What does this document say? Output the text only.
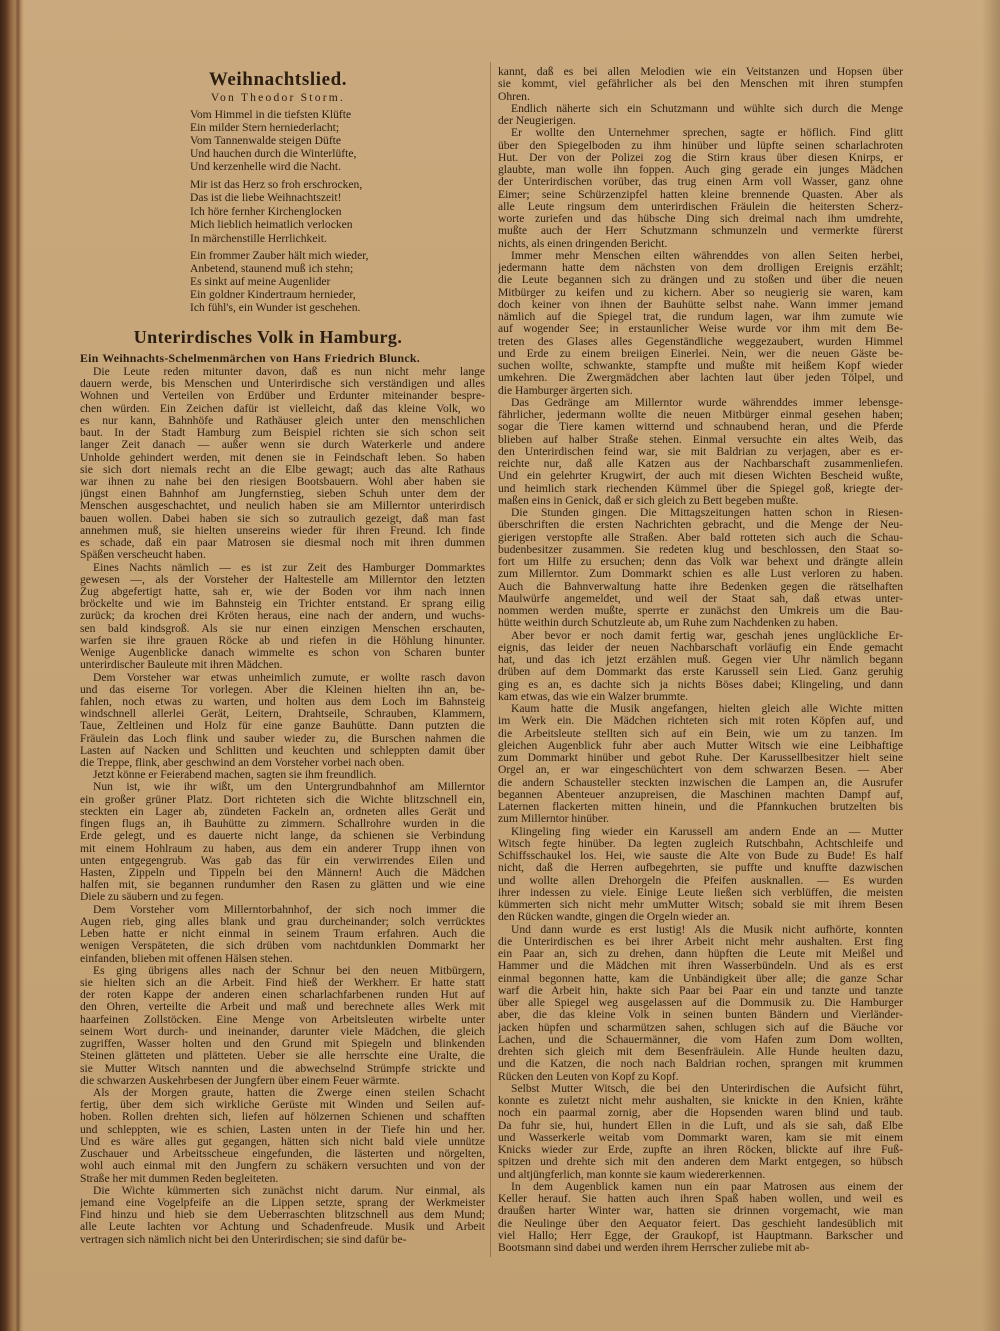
Weihnachtslied.
Von Theodor Storm.
Unterirdisches Volk in Hamburg.
Ein Weihnachts-Schelmenmärchen von Hans Friedrich Blunck.
Vom Himmel in die tiefsten Klüfte
Ein milder Stern herniederlacht;
Vom Tannenwalde steigen Düfte
Und hauchen durch die Winterlüfte,
Und kerzenhelle wird die Nacht.
Mir ist das Herz so froh erschrocken,
Das ist die liebe Weihnachtszeit!
Ich höre fernher Kirchenglocken
Mich lieblich heimatlich verlocken
In märchenstille Herrlichkeit.
Ein frommer Zauber hält mich wieder,
Anbetend, staunend muß ich stehn;
Es sinkt auf meine Augenlider
Ein goldner Kindertraum hernieder,
Ich fühl's, ein Wunder ist geschehen.
Die Leute reden mitunter davon, daß es nun nicht mehr lange
dauern werde, bis Menschen und Unterirdische sich verständigen und alles
Wohnen und Verteilen von Erdüber und Erdunter miteinander bespre-
chen würden. Ein Zeichen dafür ist vielleicht, daß das kleine Volk, wo
es nur kann, Bahnhöfe und Rathäuser gleich unter den menschlichen
baut. In der Stadt Hamburg zum Beispiel richten sie sich schon seit
langer Zeit danach — außer wenn sie durch Waterkerle und andere
Unholde gehindert werden, mit denen sie in Feindschaft leben. So haben
sie sich dort niemals recht an die Elbe gewagt; auch das alte Rathaus
war ihnen zu nahe bei den riesigen Bootsbauern. Wohl aber haben sie
jüngst einen Bahnhof am Jungfernstieg, sieben Schuh unter dem der
Menschen ausgeschachtet, und neulich haben sie am Millerntor unterirdisch
bauen wollen. Dabei haben sie sich so zutraulich gezeigt, daß man fast
annehmen muß, sie hielten unsereins wieder für ihren Freund. Ich finde
es schade, daß ein paar Matrosen sie diesmal noch mit ihren dummen
Späßen verscheucht haben.
Eines Nachts nämlich — es ist zur Zeit des Hamburger Dommarktes
gewesen —, als der Vorsteher der Haltestelle am Millerntor den letzten
Zug abgefertigt hatte, sah er, wie der Boden vor ihm nach innen
bröckelte und wie im Bahnsteig ein Trichter entstand. Er sprang eilig
zurück; da krochen drei Kröten heraus, eine nach der andern, und wuchs-
sen bald kindsgroß. Als sie nur einen einzigen Menschen erschauten,
warfen sie ihre grauen Röcke ab und riefen in die Höhlung hinunter.
Wenige Augenblicke danach wimmelte es schon von Scharen bunter
unterirdischer Bauleute mit ihren Mädchen.
Dem Vorsteher war etwas unheimlich zumute, er wollte rasch davon
und das eiserne Tor vorlegen. Aber die Kleinen hielten ihn an, be-
fahlen, noch etwas zu warten, und holten aus dem Loch im Bahnsteig
windschnell allerlei Gerät, Leitern, Drahtseile, Schrauben, Klammern,
Taue, Zeltleinen und Holz für eine ganze Bauhütte. Dann putzten die
Fräulein das Loch flink und sauber wieder zu, die Burschen nahmen die
Lasten auf Nacken und Schlitten und keuchten und schleppten damit über
die Treppe, flink, aber geschwind an dem Vorsteher vorbei nach oben.
Jetzt könne er Feierabend machen, sagten sie ihm freundlich.
Nun ist, wie ihr wißt, um den Untergrundbahnhof am Millerntor
ein großer grüner Platz. Dort richteten sich die Wichte blitzschnell ein,
steckten ein Lager ab, zündeten Fackeln an, ordneten alles Gerät und
fingen flugs an, ih Bauhütte zu zimmern. Schallrohre wurden in die
Erde gelegt, und es dauerte nicht lange, da schienen sie Verbindung
mit einem Hohlraum zu haben, aus dem ein anderer Trupp ihnen von
unten entgegengrub. Was gab das für ein verwirrendes Eilen und
Hasten, Zippeln und Tippeln bei den Männern! Auch die Mädchen
halfen mit, sie begannen rundumher den Rasen zu glätten und wie eine
Diele zu säubern und zu fegen.
Dem Vorsteher vom Millerntorbahnhof, der sich noch immer die
Augen rieb, ging alles blank und grau durcheinander; solch verrücktes
Leben hatte er nicht einmal in seinem Traum erfahren. Auch die
wenigen Verspäteten, die sich drüben vom nachtdunklen Dommarkt her
einfanden, blieben mit offenen Hälsen stehen.
Es ging übrigens alles nach der Schnur bei den neuen Mitbürgern,
sie hielten sich an die Arbeit. Find hieß der Werkherr. Er hatte statt
der roten Kappe der anderen einen scharlachfarbenen runden Hut auf
den Ohren, verteilte die Arbeit und maß und berechnete alles Werk mit
haarfeinen Zollstöcken. Eine Menge von Arbeitsleuten wirbelte unter
seinem Wort durch- und ineinander, darunter viele Mädchen, die gleich
zugriffen, Wasser holten und den Grund mit Spiegeln und blinkenden
Steinen glätteten und plätteten. Ueber sie alle herrschte eine Uralte, die
sie Mutter Witsch nannten und die abwechselnd Strümpfe strickte und
die schwarzen Auskehrbesen der Jungfern über einem Feuer wärmte.
Als der Morgen graute, hatten die Zwerge einen steilen Schacht
fertig, über dem sich wirkliche Gerüste mit Winden und Seilen auf-
hoben. Rollen drehten sich, liefen auf hölzernen Schienen und schafften
und schleppten, wie es schien, Lasten unten in der Tiefe hin und her.
Und es wäre alles gut gegangen, hätten sich nicht bald viele unnütze
Zuschauer und Arbeitsscheue eingefunden, die lästerten und nörgelten,
wohl auch einmal mit den Jungfern zu schäkern versuchten und von der
Straße her mit dummen Reden begleiteten.
Die Wichte kümmerten sich zunächst nicht darum. Nur einmal, als
jemand eine Vogelpfeife an die Lippen setzte, sprang der Werkmeister
Find hinzu und hieb sie dem Ueberraschten blitzschnell aus dem Mund;
alle Leute lachten vor Achtung und Schadenfreude. Musik und Arbeit
vertragen sich nämlich nicht bei den Unterirdischen; sie sind dafür be-
kannt, daß es bei allen Melodien wie ein Veitstanzen und Hopsen über
sie kommt, viel gefährlicher als bei den Menschen mit ihren stumpfen
Ohren.
Endlich näherte sich ein Schutzmann und wühlte sich durch die Menge
der Neugierigen.
Er wollte den Unternehmer sprechen, sagte er höflich. Find glitt
über den Spiegelboden zu ihm hinüber und lüpfte seinen scharlachroten
Hut. Der von der Polizei zog die Stirn kraus über diesen Knirps, er
glaubte, man wolle ihn foppen. Auch ging gerade ein junges Mädchen
der Unterirdischen vorüber, das trug einen Arm voll Wasser, ganz ohne
Eimer; seine Schürzenzipfel hatten kleine brennende Quasten. Aber als
alle Leute ringsum dem unterirdischen Fräulein die heitersten Scherz-
worte zuriefen und das hübsche Ding sich dreimal nach ihm umdrehte,
mußte auch der Herr Schutzmann schmunzeln und vermerkte fürerst
nichts, als einen dringenden Bericht.
Immer mehr Menschen eilten währenddes von allen Seiten herbei,
jedermann hatte dem nächsten von dem drolligen Ereignis erzählt;
die Leute begannen sich zu drängen und zu stoßen und über die neuen
Mitbürger zu keifen und zu kichern. Aber so neugierig sie waren, kam
doch keiner von ihnen der Bauhütte selbst nahe. Wann immer jemand
nämlich auf die Spiegel trat, die rundum lagen, war ihm zumute wie
auf wogender See; in erstaunlicher Weise wurde vor ihm mit dem Be-
treten des Glases alles Gegenständliche weggezaubert, wurden Himmel
und Erde zu einem breiigen Einerlei. Nein, wer die neuen Gäste be-
suchen wollte, schwankte, stampfte und mußte mit heißem Kopf wieder
umkehren. Die Zwergmädchen aber lachten laut über jeden Tölpel, und
die Hamburger ärgerten sich.
Das Gedränge am Millerntor wurde währenddes immer lebensge-
fährlicher, jedermann wollte die neuen Mitbürger einmal gesehen haben;
sogar die Tiere kamen witternd und schnaubend heran, und die Pferde
blieben auf halber Straße stehen. Einmal versuchte ein altes Weib, das
den Unterirdischen feind war, sie mit Baldrian zu verjagen, aber es er-
reichte nur, daß alle Katzen aus der Nachbarschaft zusammenliefen.
Und ein gelehrter Krugwirt, der auch mit diesen Wichten Bescheid wußte,
und heimlich stark riechenden Kümmel über die Spiegel goß, kriegte der-
maßen eins in Genick, daß er sich gleich zu Bett begeben mußte.
Die Stunden gingen. Die Mittagszeitungen hatten schon in Riesen-
überschriften die ersten Nachrichten gebracht, und die Menge der Neu-
gierigen verstopfte alle Straßen. Aber bald rotteten sich auch die Schau-
budenbesitzer zusammen. Sie redeten klug und beschlossen, den Staat so-
fort um Hilfe zu ersuchen; denn das Volk war behext und drängte allein
zum Millerntor. Zum Dommarkt schien es alle Lust verloren zu haben.
Auch die Bahnverwaltung hatte ihre Bedenken gegen die rätselhaften
Maulwürfe angemeldet, und weil der Staat sah, daß etwas unter-
nommen werden mußte, sperrte er zunächst den Umkreis um die Bau-
hütte weithin durch Schutzleute ab, um Ruhe zum Nachdenken zu haben.
Aber bevor er noch damit fertig war, geschah jenes unglückliche Er-
eignis, das leider der neuen Nachbarschaft vorläufig ein Ende gemacht
hat, und das ich jetzt erzählen muß. Gegen vier Uhr nämlich begann
drüben auf dem Dommarkt das erste Karussell sein Lied. Ganz geruhig
ging es an, es dachte sich ja nichts Böses dabei; Klingeling, und dann
kam etwas, das wie ein Walzer brummte.
Kaum hatte die Musik angefangen, hielten gleich alle Wichte mitten
im Werk ein. Die Mädchen richteten sich mit roten Köpfen auf, und
die Arbeitsleute stellten sich auf ein Bein, wie um zu tanzen. Im
gleichen Augenblick fuhr aber auch Mutter Witsch wie eine Leibhaftige
zum Dommarkt hinüber und gebot Ruhe. Der Karussellbesitzer hielt seine
Orgel an, er war eingeschüchtert von dem schwarzen Besen. — Aber
die andern Schausteller steckten inzwischen die Lampen an, die Ausrufer
begannen Abenteuer anzupreisen, die Maschinen machten Dampf auf,
Laternen flackerten mitten hinein, und die Pfannkuchen brutzelten bis
zum Millerntor hinüber.
Klingeling fing wieder ein Karussell am andern Ende an — Mutter
Witsch fegte hinüber. Da legten zugleich Rutschbahn, Achtschleife und
Schiffsschaukel los. Hei, wie sauste die Alte von Bude zu Bude! Es half
nicht, daß die Herren aufbegehrten, sie puffte und knuffte dazwischen
und wollte allen Drehorgeln die Pfeifen ausknallen. — Es wurden
ihrer indessen zu viele. Einige Leute ließen sich verblüffen, die meisten
kümmerten sich nicht mehr umMutter Witsch; sobald sie mit ihrem Besen
den Rücken wandte, gingen die Orgeln wieder an.
Und dann wurde es erst lustig! Als die Musik nicht aufhörte, konnten
die Unterirdischen es bei ihrer Arbeit nicht mehr aushalten. Erst fing
ein Paar an, sich zu drehen, dann hüpften die Leute mit Meißel und
Hammer und die Mädchen mit ihren Wasserbündeln. Und als es erst
einmal begonnen hatte, kam die Unbändigkeit über alle; die ganze Schar
warf die Arbeit hin, hakte sich Paar bei Paar ein und tanzte und tanzte
über alle Spiegel weg ausgelassen auf die Dommusik zu. Die Hamburger
aber, die das kleine Volk in seinen bunten Bändern und Vierländer-
jacken hüpfen und scharmützen sahen, schlugen sich auf die Bäuche vor
Lachen, und die Schauermänner, die vom Hafen zum Dom wollten,
drehten sich gleich mit dem Besenfräulein. Alle Hunde heulten dazu,
und die Katzen, die noch nach Baldrian rochen, sprangen mit krummen
Rücken den Leuten von Kopf zu Kopf.
Selbst Mutter Witsch, die bei den Unterirdischen die Aufsicht führt,
konnte es zuletzt nicht mehr aushalten, sie knickte in den Knien, krähte
noch ein paarmal zornig, aber die Hopsenden waren blind und taub.
Da fuhr sie, hui, hundert Ellen in die Luft, und als sie sah, daß Elbe
und Wasserkerle weitab vom Dommarkt waren, kam sie mit einem
Knicks wieder zur Erde, zupfte an ihren Röcken, blickte auf ihre Fuß-
spitzen und drehte sich mit den anderen dem Markt entgegen, so hübsch
und altjüngferlich, man konnte sie kaum wiedererkennen.
In dem Augenblick kamen nun ein paar Matrosen aus einem der
Keller herauf. Sie hatten auch ihren Spaß haben wollen, und weil es
draußen harter Winter war, hatten sie drinnen vorgemacht, wie man
die Neulinge über den Aequator feiert. Das geschieht landesüblich mit
viel Hallo; Herr Egge, der Graukopf, ist Hauptmann. Barkscher und
Bootsmann sind dabei und werden ihrem Herrscher zuliebe mit ab-
